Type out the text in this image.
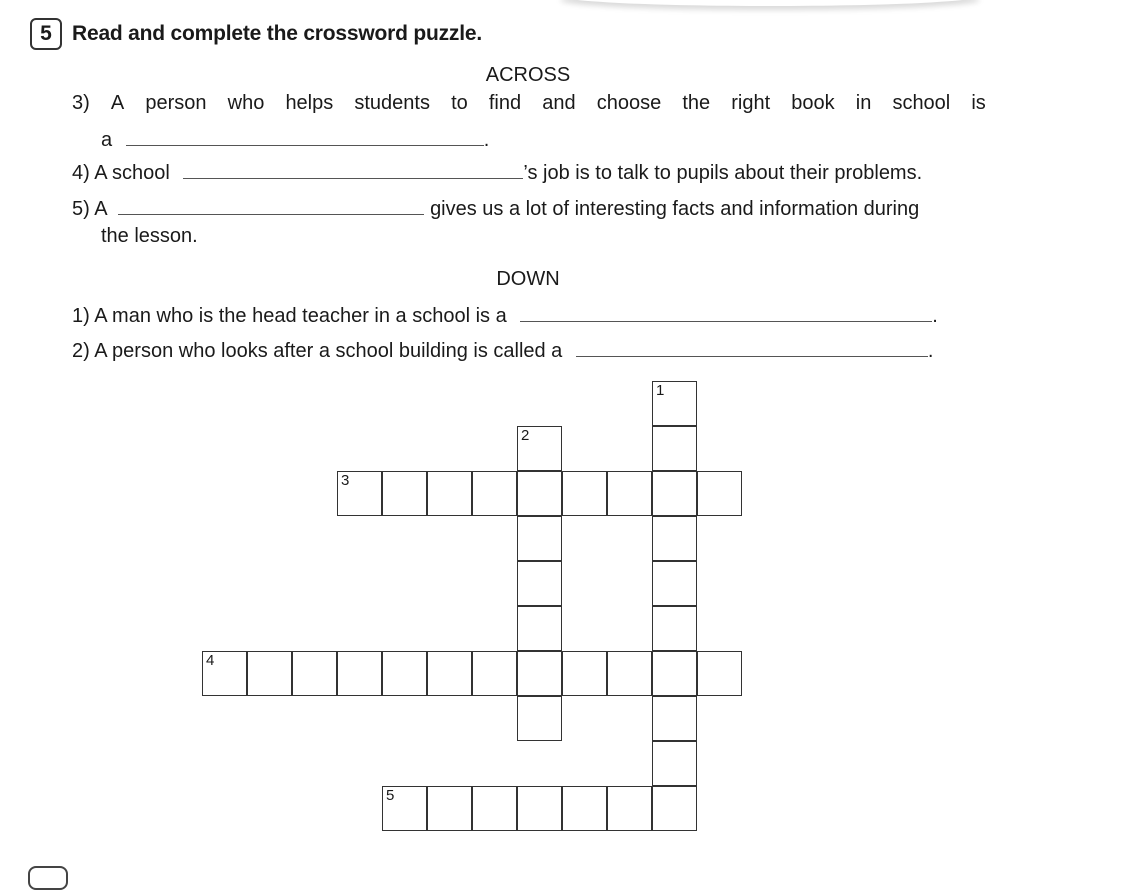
5 Read and complete the crossword puzzle.
ACROSS
3) A person who helps students to find and choose the right book in school is
a	.
4) A school	’s job is to talk to pupils about their problems.
5) A	gives us a lot of interesting facts and information during
the lesson.
DOWN
1) A man who is the head teacher in a school is a	.
2) A person who looks after a school building is called a	.
1
2
3
4
5
